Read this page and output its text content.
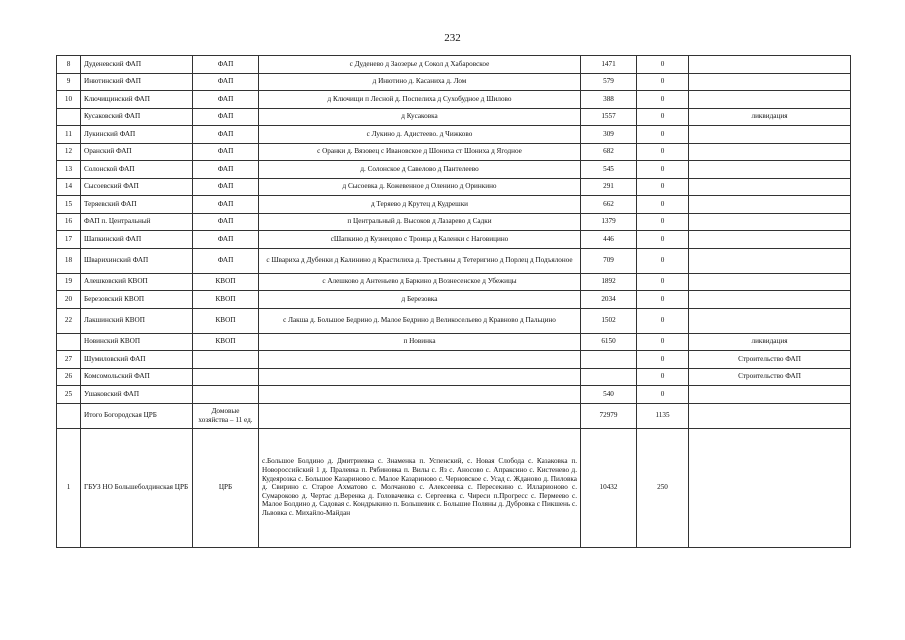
232
8	Дуденевский ФАП	ФАП	с Дуденево д Заозерье д Сокол д Хабаровское	1471	0	
9	Инютинский ФАП	ФАП	д Инютино д. Касаниха д. Лом	579	0	
10	Ключищинский ФАП	ФАП	д Ключищи п Лесной д. Поспелиха д Сухобудное д Шилово	388	0	
	Кусаковский ФАП	ФАП	д Кусаковка	1557	0	ликвидация
11	Лукинский ФАП	ФАП	с Лукино д. Адистеево. д Чижково	309	0	
12	Оранский ФАП	ФАП	с Оранки д. Вязовец с Ивановское д Шониха ст Шониха д Ягодное	682	0	
13	Солонской ФАП	ФАП	д. Солонское д Савелово д Пантелеево	545	0	
14	Сысоевский ФАП	ФАП	д Сысоевка д. Кожевенное д Оленино д Оринкино	291	0	
15	Теряевский ФАП	ФАП	д Теряево д Крутец д Кудрешки	662	0	
16	ФАП п. Центральный	ФАП	п Центральный д. Высоков д Лазарево д Садки	1379	0	
17	Шапкинский ФАП	ФАП	сШапкино д Кузнецово с Троица д Каленки с Наговицино	446	0	
18	Шварихинский ФАП	ФАП	с Швариха д Дубенки д Калинино д Крастилиха д. Трестьяны д Тетеригино д Порлец д Подъялоное	709	0	
19	Алешковский КВОП	КВОП	с Алешково д Антеньево д Баркино д Вознесенское д Убежицы	1892	0	
20	Березовский КВОП	КВОП	д Березовка	2034	0	
22	Лакшинский КВОП	КВОП	с Лакша д. Большое Бедрино д. Малое Бедрино д Великосельево д Кравново д Пальцино	1502	0	
	Новинский КВОП	КВОП	п Новинка	6150	0	ликвидация
27	Шумиловский ФАП				0	Строительство ФАП
26	Комсомольский ФАП				0	Строительство ФАП
25	Ушаковский ФАП			540	0	
	Итого Богородская ЦРБ	Домовые хозяйства – 11 ед.		72979	1135	
1	ГБУЗ НО Большеболдинская ЦРБ	ЦРБ	с.Большое Болдино д. Дмитриевка с. Знаменка п. Успенский, с. Новая Слобода с. Казаковка п. Новороссийский 1 д. Пралевка п. Рябиновка п. Вилы с. Яз с. Аносово с. Апраксино с. Кистенево д. Кудеярозка с. Большое Казариново с. Малое Казариново с. Черновское с. Усад с. Жданово д. Пиловка д. Свирино с. Старое Ахматово с. Молчаново с. Алексеевка с. Пересекино с. Илларионово с. Сумароково д. Чертас д.Веренка д. Головачевка с. Сергеевка с. Чиреси п.Прогресс с. Пермеево с. Малое Болдино д. Садовая с. Кондрыкино п. Большевик с. Большие Поляны д. Дубровка с Пикшень с. Львовка с. Михайло-Майдан	10432	250	
